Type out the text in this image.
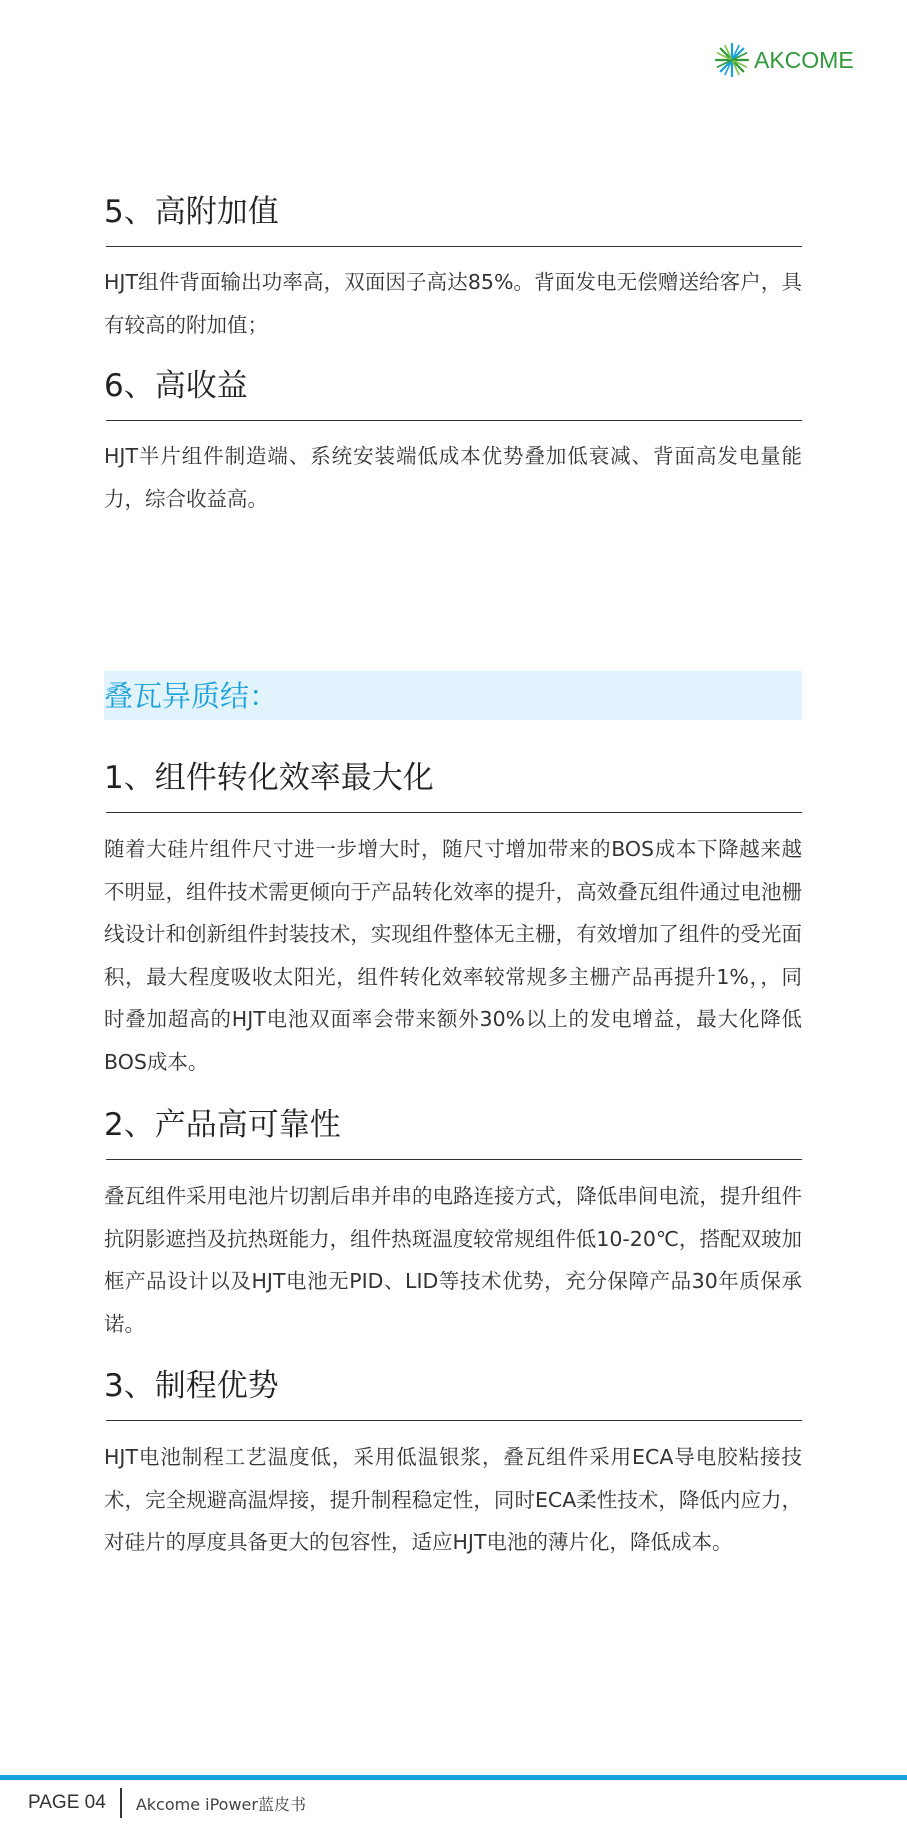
AKCOME
5、高附加值
HJT组件背面输出功率高，双面因子高达85%。背面发电无偿赠送给客户，具有较高的附加值；
6、高收益
HJT半片组件制造端、系统安装端低成本优势叠加低衰减、背面高发电量能力，综合收益高。
叠瓦异质结：
1、组件转化效率最大化
随着大硅片组件尺寸进一步增大时，随尺寸增加带来的BOS成本下降越来越不明显，组件技术需更倾向于产品转化效率的提升，高效叠瓦组件通过电池栅线设计和创新组件封装技术，实现组件整体无主栅，有效增加了组件的受光面积，最大程度吸收太阳光，组件转化效率较常规多主栅产品再提升1%，，同时叠加超高的HJT电池双面率会带来额外30%以上的发电增益，最大化降低BOS成本。
2、产品高可靠性
叠瓦组件采用电池片切割后串并串的电路连接方式，降低串间电流，提升组件抗阴影遮挡及抗热斑能力，组件热斑温度较常规组件低10-20℃，搭配双玻加框产品设计以及HJT电池无PID、LID等技术优势，充分保障产品30年质保承诺。
3、制程优势
HJT电池制程工艺温度低，采用低温银浆，叠瓦组件采用ECA导电胶粘接技术，完全规避高温焊接，提升制程稳定性，同时ECA柔性技术，降低内应力，对硅片的厚度具备更大的包容性，适应HJT电池的薄片化，降低成本。
PAGE 04 Akcome iPower蓝皮书
